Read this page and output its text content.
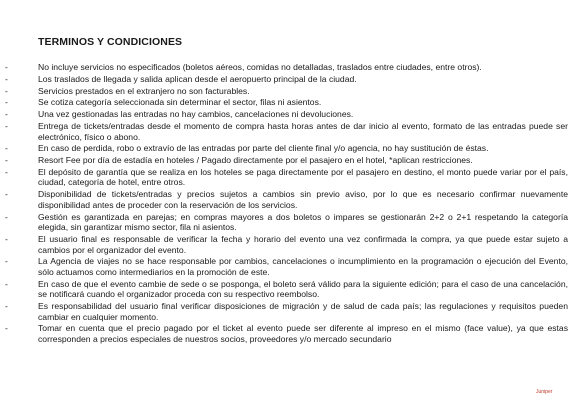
TERMINOS Y CONDICIONES
-	No incluye servicios no especificados (boletos aéreos, comidas no detalladas, traslados entre ciudades, entre otros).
-	Los traslados de llegada y salida aplican desde el aeropuerto principal de la ciudad.
-	Servicios prestados en el extranjero no son facturables.
-	Se cotiza categoría seleccionada sin determinar el sector, filas ni asientos.
-	Una vez gestionadas las entradas no hay cambios, cancelaciones ni devoluciones.
-	Entrega de tickets/entradas desde el momento de compra hasta horas antes de dar inicio al evento, formato de las entradas puede ser electrónico, físico o abono.
-	En caso de perdida, robo o extravío de las entradas por parte del cliente final y/o agencia, no hay sustitución de éstas.
-	Resort Fee por día de estadía en hoteles / Pagado directamente por el pasajero en el hotel, *aplican restricciones.
-	El depósito de garantía que se realiza en los hoteles se paga directamente por el pasajero en destino, el monto puede variar por el país, ciudad, categoría de hotel, entre otros.
-	Disponibilidad de tickets/entradas y precios sujetos a cambios sin previo aviso, por lo que es necesario confirmar nuevamente disponibilidad antes de proceder con la reservación de los servicios.
-	Gestión es garantizada en parejas; en compras mayores a dos boletos o impares se gestionarán 2+2 o 2+1 respetando la categoría elegida, sin garantizar mismo sector, fila ni asientos.
-	El usuario final es responsable de verificar la fecha y horario del evento una vez confirmada la compra, ya que puede estar sujeto a cambios por el organizador del evento.
-	La Agencia de viajes no se hace responsable por cambios, cancelaciones o incumplimiento en la programación o ejecución del Evento, sólo actuamos como intermediarios en la promoción de este.
-	En caso de que el evento cambie de sede o se posponga, el boleto será válido para la siguiente edición; para el caso de una cancelación, se notificará cuando el organizador proceda con su respectivo reembolso.
-	Es responsabilidad del usuario final verificar disposiciones de migración y de salud de cada país; las regulaciones y requisitos pueden cambiar en cualquier momento.
-	Tomar en cuenta que el precio pagado por el ticket al evento puede ser diferente al impreso en el mismo (face value), ya que estas corresponden a precios especiales de nuestros socios, proveedores y/o mercado secundario
Juniper
